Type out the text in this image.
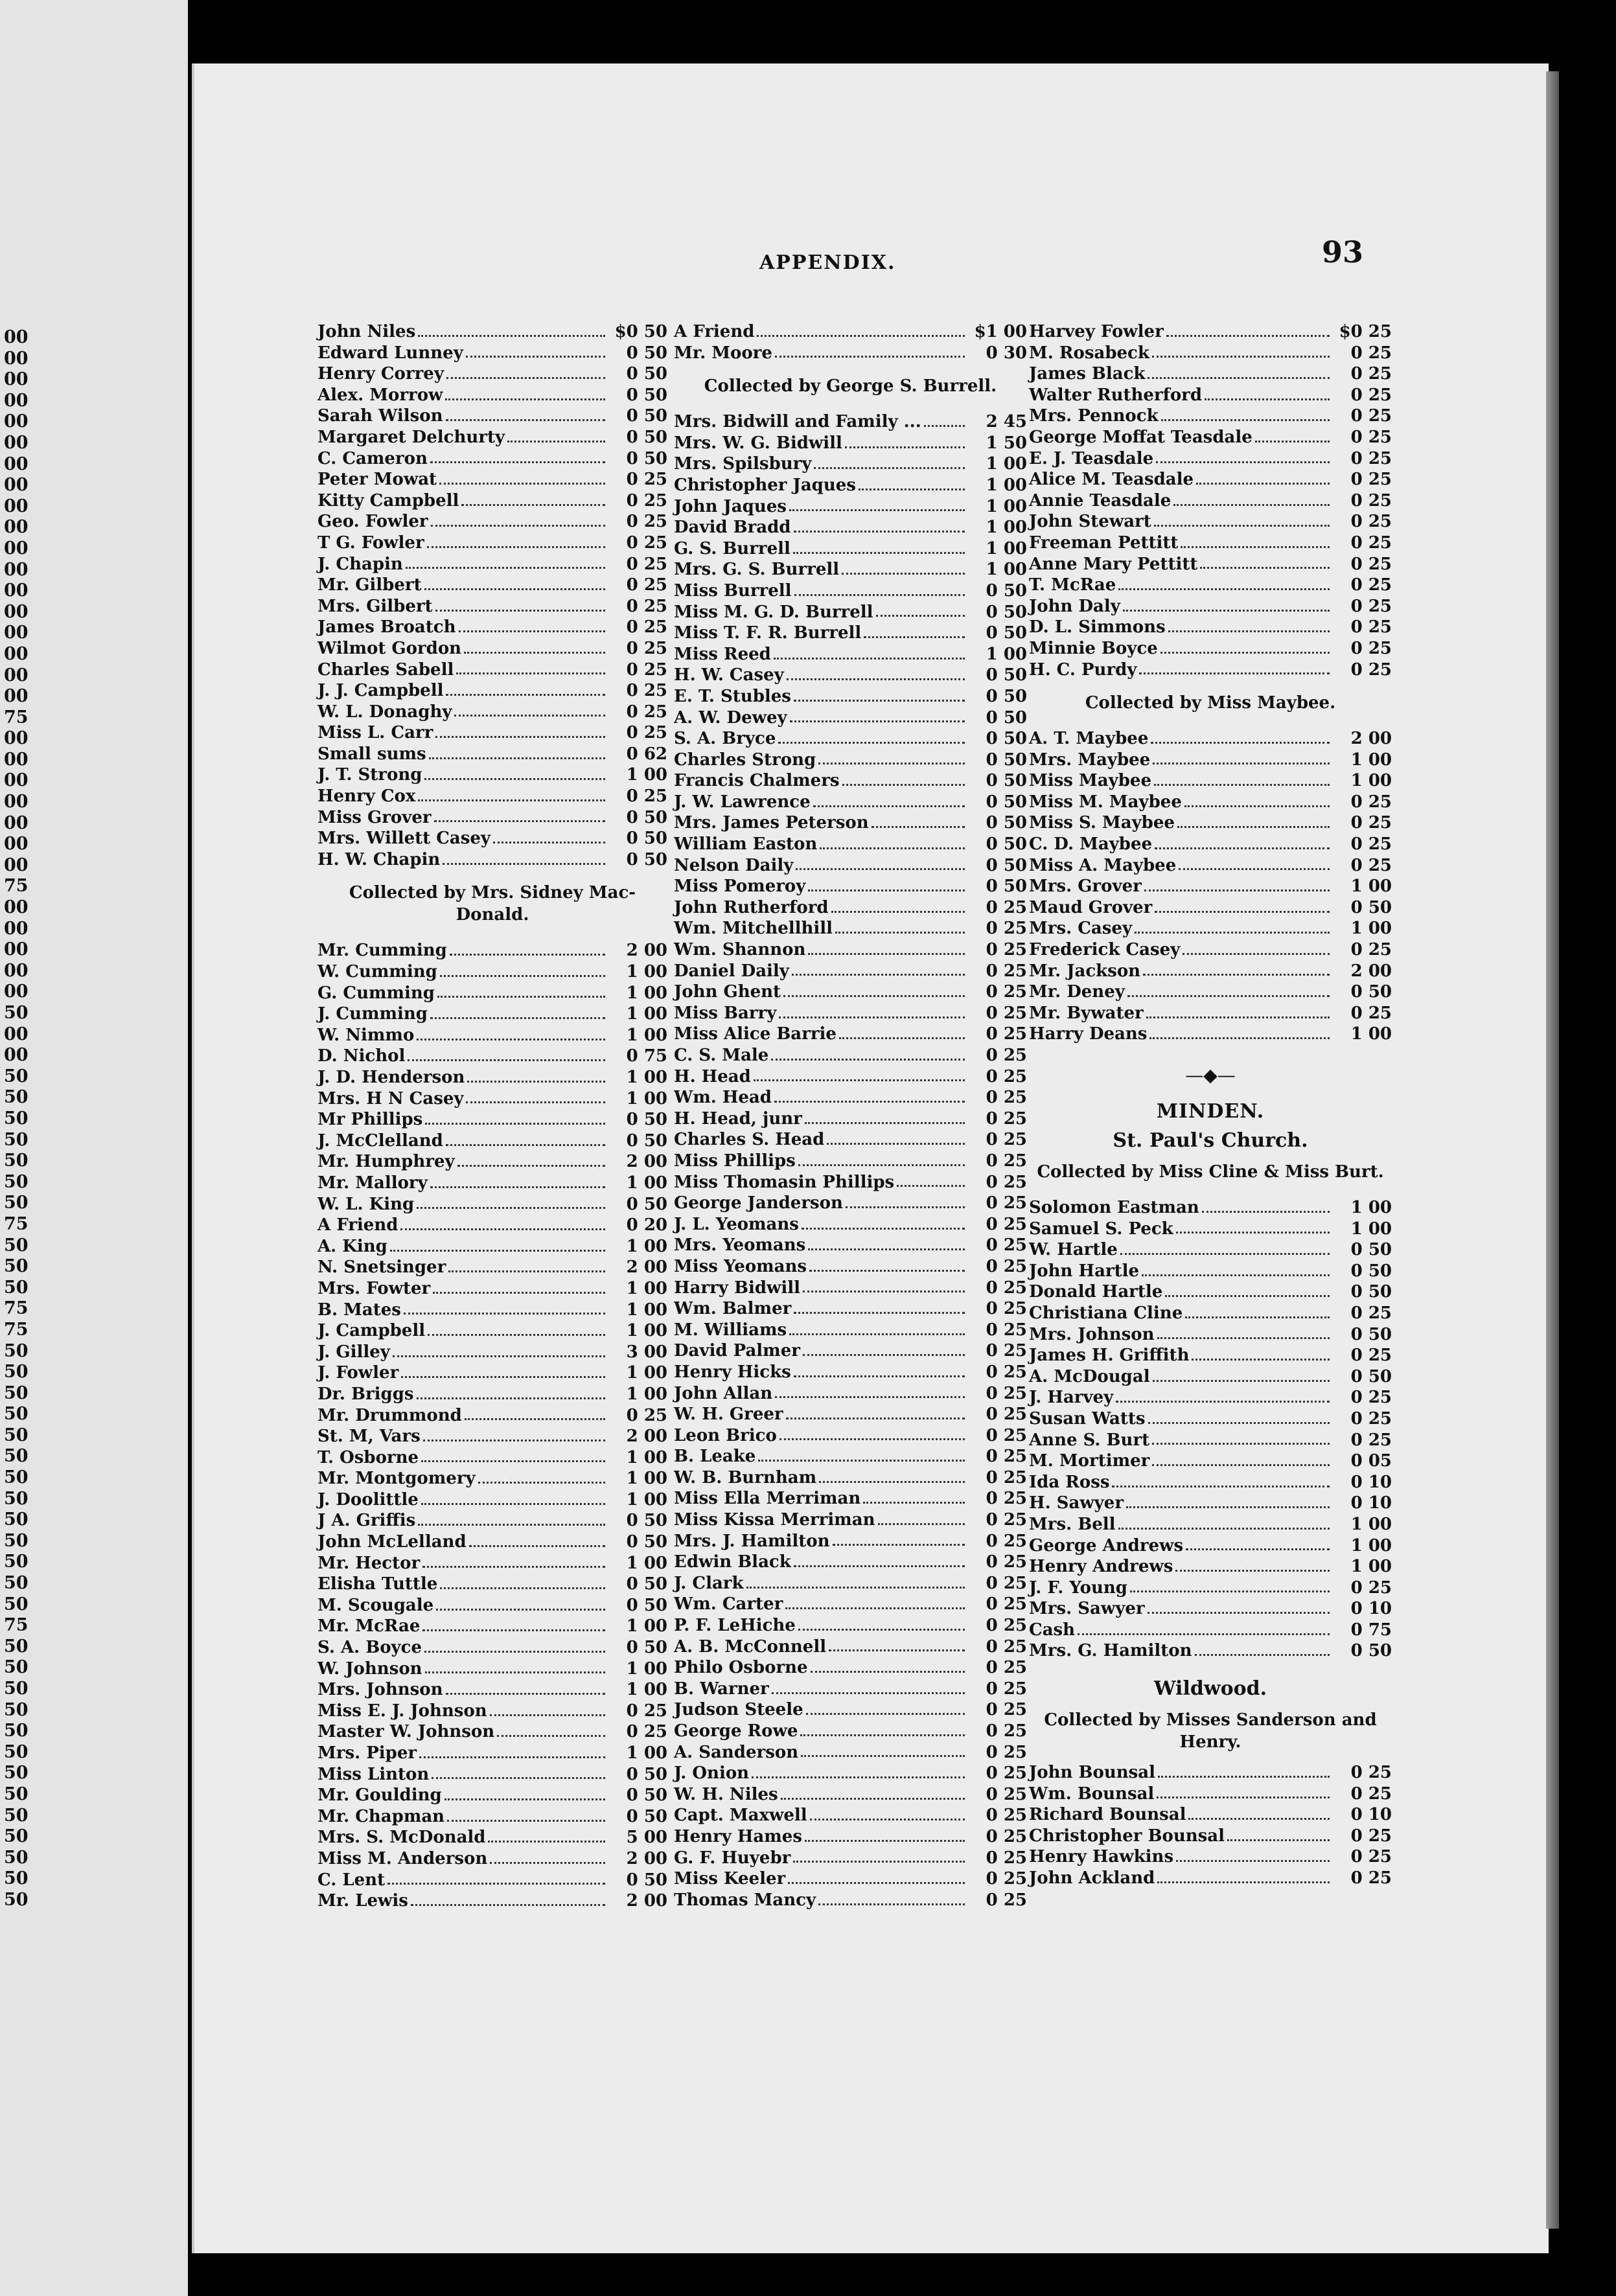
00
00
00
00
00
00
00
00
00
00
00
00
00
00
00
00
00
00
75
00
00
00
00
00
00
00
75
00
00
00
00
00
50
00
00
50
50
50
50
50
50
50
75
50
50
50
75
75
50
50
50
50
50
50
50
50
50
50
50
50
50
75
50
50
50
50
50
50
50
50
50
50
50
50
50
APPENDIX.	93
John Niles	$0 50
Edward Lunney	0 50
Henry Correy	0 50
Alex. Morrow	0 50
Sarah Wilson	0 50
Margaret Delchurty	0 50
C. Cameron	0 50
Peter Mowat	0 25
Kitty Campbell	0 25
Geo. Fowler	0 25
T G. Fowler	0 25
J. Chapin	0 25
Mr. Gilbert	0 25
Mrs. Gilbert	0 25
James Broatch	0 25
Wilmot Gordon	0 25
Charles Sabell	0 25
J. J. Campbell	0 25
W. L. Donaghy	0 25
Miss L. Carr	0 25
Small sums	0 62
J. T. Strong	1 00
Henry Cox	0 25
Miss Grover	0 50
Mrs. Willett Casey	0 50
H. W. Chapin	0 50
Collected by Mrs. Sidney Mac-Donald.
Mr. Cumming	2 00
W. Cumming	1 00
G. Cumming	1 00
J. Cumming	1 00
W. Nimmo	1 00
D. Nichol	0 75
J. D. Henderson	1 00
Mrs. H N Casey	1 00
Mr Phillips	0 50
J. McClelland	0 50
Mr. Humphrey	2 00
Mr. Mallory	1 00
W. L. King	0 50
A Friend	0 20
A. King	1 00
N. Snetsinger	2 00
Mrs. Fowter	1 00
B. Mates	1 00
J. Campbell	1 00
J. Gilley	3 00
J. Fowler	1 00
Dr. Briggs	1 00
Mr. Drummond	0 25
St. M, Vars	2 00
T. Osborne	1 00
Mr. Montgomery	1 00
J. Doolittle	1 00
J A. Griffis	0 50
John McLelland	0 50
Mr. Hector	1 00
Elisha Tuttle	0 50
M. Scougale	0 50
Mr. McRae	1 00
S. A. Boyce	0 50
W. Johnson	1 00
Mrs. Johnson	1 00
Miss E. J. Johnson	0 25
Master W. Johnson	0 25
Mrs. Piper	1 00
Miss Linton	0 50
Mr. Goulding	0 50
Mr. Chapman	0 50
Mrs. S. McDonald	5 00
Miss M. Anderson	2 00
C. Lent	0 50
Mr. Lewis	2 00
A Friend	$1 00
Mr. Moore	0 30
Collected by George S. Burrell.
Mrs. Bidwill and Family ...	2 45
Mrs. W. G. Bidwill	1 50
Mrs. Spilsbury	1 00
Christopher Jaques	1 00
John Jaques	1 00
David Bradd	1 00
G. S. Burrell	1 00
Mrs. G. S. Burrell	1 00
Miss Burrell	0 50
Miss M. G. D. Burrell	0 50
Miss T. F. R. Burrell	0 50
Miss Reed	1 00
H. W. Casey	0 50
E. T. Stubles	0 50
A. W. Dewey	0 50
S. A. Bryce	0 50
Charles Strong	0 50
Francis Chalmers	0 50
J. W. Lawrence	0 50
Mrs. James Peterson	0 50
William Easton	0 50
Nelson Daily	0 50
Miss Pomeroy	0 50
John Rutherford	0 25
Wm. Mitchellhill	0 25
Wm. Shannon	0 25
Daniel Daily	0 25
John Ghent	0 25
Miss Barry	0 25
Miss Alice Barrie	0 25
C. S. Male	0 25
H. Head	0 25
Wm. Head	0 25
H. Head, junr	0 25
Charles S. Head	0 25
Miss Phillips	0 25
Miss Thomasin Phillips	0 25
George Janderson	0 25
J. L. Yeomans	0 25
Mrs. Yeomans	0 25
Miss Yeomans	0 25
Harry Bidwill	0 25
Wm. Balmer	0 25
M. Williams	0 25
David Palmer	0 25
Henry Hicks	0 25
John Allan	0 25
W. H. Greer	0 25
Leon Brico	0 25
B. Leake	0 25
W. B. Burnham	0 25
Miss Ella Merriman	0 25
Miss Kissa Merriman	0 25
Mrs. J. Hamilton	0 25
Edwin Black	0 25
J. Clark	0 25
Wm. Carter	0 25
P. F. LeHiche	0 25
A. B. McConnell	0 25
Philo Osborne	0 25
B. Warner	0 25
Judson Steele	0 25
George Rowe	0 25
A. Sanderson	0 25
J. Onion	0 25
W. H. Niles	0 25
Capt. Maxwell	0 25
Henry Hames	0 25
G. F. Huyebr	0 25
Miss Keeler	0 25
Thomas Mancy	0 25
Harvey Fowler	$0 25
M. Rosabeck	0 25
James Black	0 25
Walter Rutherford	0 25
Mrs. Pennock	0 25
George Moffat Teasdale	0 25
E. J. Teasdale	0 25
Alice M. Teasdale	0 25
Annie Teasdale	0 25
John Stewart	0 25
Freeman Pettitt	0 25
Anne Mary Pettitt	0 25
T. McRae	0 25
John Daly	0 25
D. L. Simmons	0 25
Minnie Boyce	0 25
H. C. Purdy	0 25
Collected by Miss Maybee.
A. T. Maybee	2 00
Mrs. Maybee	1 00
Miss Maybee	1 00
Miss M. Maybee	0 25
Miss S. Maybee	0 25
C. D. Maybee	0 25
Miss A. Maybee	0 25
Mrs. Grover	1 00
Maud Grover	0 50
Mrs. Casey	1 00
Frederick Casey	0 25
Mr. Jackson	2 00
Mr. Deney	0 50
Mr. Bywater	0 25
Harry Deans	1 00
—◆—
MINDEN.
St. Paul's Church.
Collected by Miss Cline & Miss Burt.
Solomon Eastman	1 00
Samuel S. Peck	1 00
W. Hartle	0 50
John Hartle	0 50
Donald Hartle	0 50
Christiana Cline	0 25
Mrs. Johnson	0 50
James H. Griffith	0 25
A. McDougal	0 50
J. Harvey	0 25
Susan Watts	0 25
Anne S. Burt	0 25
M. Mortimer	0 05
Ida Ross	0 10
H. Sawyer	0 10
Mrs. Bell	1 00
George Andrews	1 00
Henry Andrews	1 00
J. F. Young	0 25
Mrs. Sawyer	0 10
Cash	0 75
Mrs. G. Hamilton	0 50
Wildwood.
Collected by Misses Sanderson and Henry.
John Bounsal	0 25
Wm. Bounsal	0 25
Richard Bounsal	0 10
Christopher Bounsal	0 25
Henry Hawkins	0 25
John Ackland	0 25
